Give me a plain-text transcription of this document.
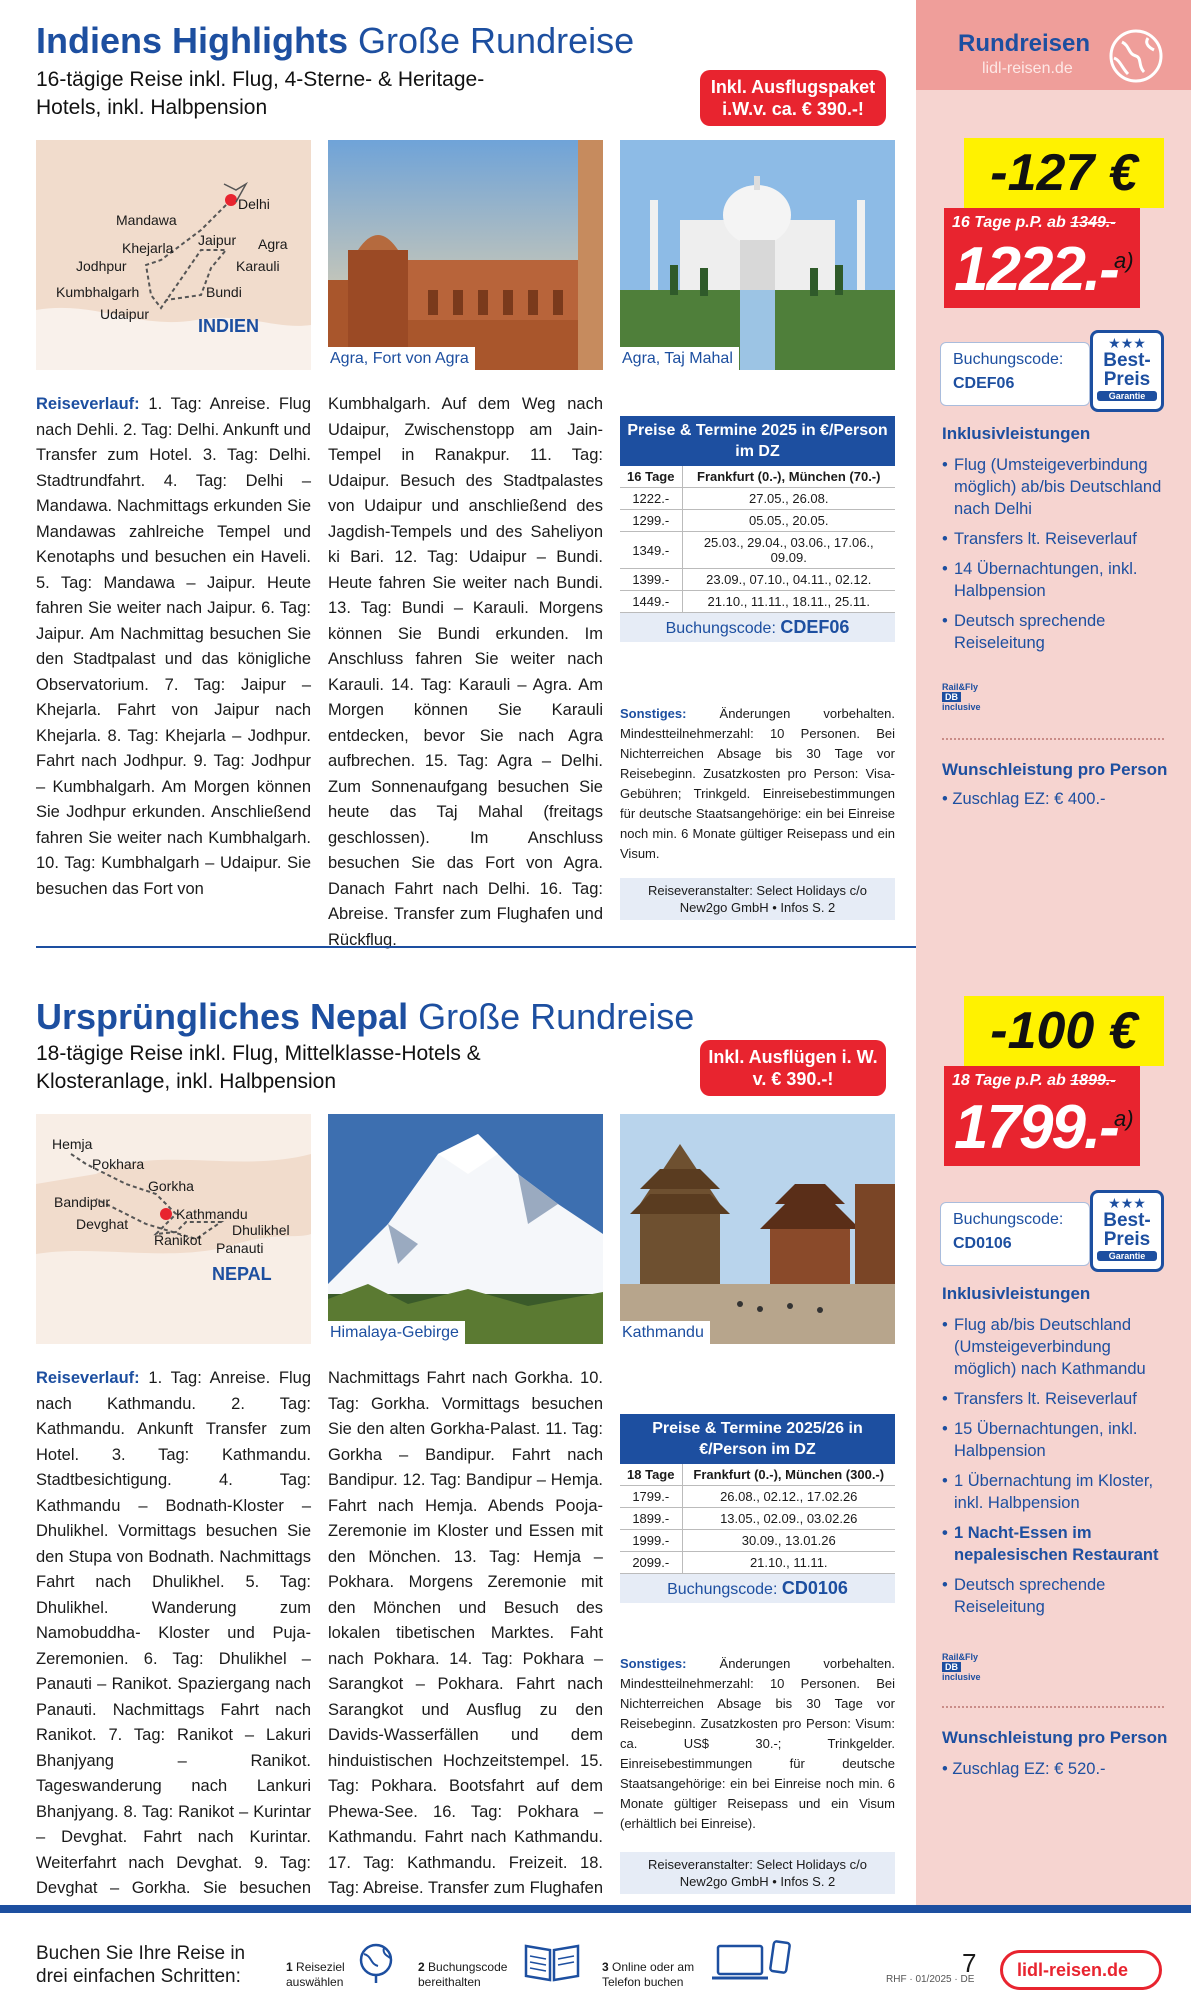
Rundreisen
lidl-reisen.de
Indiens Highlights Große Rundreise
16-tägige Reise inkl. Flug, 4-Sterne- & Heritage-Hotels, inkl. Halbpension
Inkl. Ausflugspaket i.W.v. ca. € 390.-!
Mandawa
Delhi
Jaipur Agra
Khejarla
Jodhpur	Karauli
Kumbhalgarh	Bundi
Udaipur
INDIEN
Agra, Fort von Agra	Agra, Taj Mahal
Reiseverlauf: 1. Tag: Anreise. Flug nach Dehli. 2. Tag: Delhi. Ankunft und Transfer zum Hotel. 3. Tag: Delhi. Stadtrundfahrt. 4. Tag: Delhi – Mandawa. Nachmittags erkunden Sie Mandawas zahlreiche Tempel und Kenotaphs und besuchen ein Haveli. 5. Tag: Mandawa – Jaipur. Heute fahren Sie weiter nach Jaipur. 6. Tag: Jaipur. Am Nachmittag besuchen Sie den Stadtpalast und das königliche Observatorium. 7. Tag: Jaipur – Khejarla. Fahrt von Jaipur nach Khejarla. 8. Tag: Khejarla – Jodhpur. Fahrt nach Jodhpur. 9. Tag: Jodhpur – Kumbhalgarh. Am Morgen können Sie Jodhpur erkunden. Anschließend fahren Sie weiter nach Kumbhalgarh. 10. Tag: Kumbhalgarh – Udaipur. Sie besuchen das Fort von
Kumbhalgarh. Auf dem Weg nach Udaipur, Zwischenstopp am Jain-Tempel in Ranakpur. 11. Tag: Udaipur. Besuch des Stadtpalastes von Udaipur und anschließend des Jagdish-Tempels und des Saheliyon ki Bari. 12. Tag: Udaipur – Bundi. Heute fahren Sie weiter nach Bundi. 13. Tag: Bundi – Karauli. Morgens können Sie Bundi erkunden. Im Anschluss fahren Sie weiter nach Karauli. 14. Tag: Karauli – Agra. Am Morgen können Sie Karauli entdecken, bevor Sie nach Agra aufbrechen. 15. Tag: Agra – Delhi. Zum Sonnenaufgang besuchen Sie heute das Taj Mahal (freitags geschlossen). Im Anschluss besuchen Sie das Fort von Agra. Danach Fahrt nach Delhi. 16. Tag: Abreise. Transfer zum Flughafen und Rückflug.
Preise & Termine 2025 in €/Person im DZ
16 Tage	Frankfurt (0.-), München (70.-)
1222.-	27.05., 26.08.
1299.-	05.05., 20.05.
1349.-	25.03., 29.04., 03.06., 17.06., 09.09.
1399.-	23.09., 07.10., 04.11., 02.12.
1449.-	21.10., 11.11., 18.11., 25.11.
Buchungscode: CDEF06
Sonstiges:	Änderungen vorbehalten. Mindestteilnehmerzahl: 10 Personen. Bei Nichterreichen Absage bis 30 Tage vor Reisebeginn. Zusatzkosten pro Person: Visa-Gebühren; Trinkgeld. Einreisebestimmungen für deutsche Staatsangehörige: ein bei Einreise noch min. 6 Monate gültiger Reisepass und ein Visum.
Reiseveranstalter: Select Holidays c/o New2go GmbH • Infos S. 2
-127 €
16 Tage p.P. ab 1349.-
1222.-
a)
Buchungscode:
CDEF06
★★★
Best-Preis
Garantie
Inklusivleistungen
• Flug (Umsteigeverbindung möglich) ab/bis Deutschland nach Delhi
• Transfers lt. Reiseverlauf
• 14 Übernachtungen, inkl. Halbpension
• Deutsch sprechende Reiseleitung
Rail&Fly
DB
inclusive
Wunschleistung pro Person
• Zuschlag EZ: € 400.-
Ursprüngliches Nepal Große Rundreise
18-tägige Reise inkl. Flug, Mittelklasse-Hotels & Klosteranlage, inkl. Halbpension
Inkl. Ausflügen i. W. v. € 390.-!
Hemja
Pokhara
Gorkha
Bandipur
Kathmandu
Devghat	Dhulikhel
Ranikot Panauti
NEPAL
Himalaya-Gebirge	Kathmandu
Reiseverlauf: 1. Tag: Anreise. Flug nach Kathmandu. 2. Tag: Kathmandu. Ankunft Transfer zum Hotel. 3. Tag: Kathmandu. Stadtbesichtigung. 4. Tag: Kathmandu – Bodnath-Kloster – Dhulikhel. Vormittags besuchen Sie den Stupa von Bodnath. Nachmittags Fahrt nach Dhulikhel. 5. Tag: Dhulikhel. Wanderung zum Namobuddha- Kloster und Puja-Zeremonien. 6. Tag: Dhulikhel – Panauti – Ranikot. Spaziergang nach Panauti. Nachmittags Fahrt nach Ranikot. 7. Tag: Ranikot – Lakuri Bhanjyang – Ranikot. Tageswanderung nach Lankuri Bhanjyang. 8. Tag: Ranikot – Kurintar – Devghat. Fahrt nach Kurintar. Weiterfahrt nach Devghat. 9. Tag: Devghat – Gorkha. Sie besuchen
Nachmittags Fahrt nach Gorkha. 10. Tag: Gorkha. Vormittags besuchen Sie den alten Gorkha-Palast. 11. Tag: Gorkha – Bandipur. Fahrt nach Bandipur. 12. Tag: Bandipur – Hemja. Fahrt nach Hemja. Abends Pooja-Zeremonie im Kloster und Essen mit den Mönchen. 13. Tag: Hemja – Pokhara. Morgens Zeremonie mit den Mönchen und Besuch des lokalen tibetischen Marktes. Faht nach Pokhara. 14. Tag: Pokhara – Sarangkot – Pokhara. Fahrt nach Sarangkot und Ausflug zu den Davids-Wasserfällen und dem hinduistischen Hochzeitstempel. 15. Tag: Pokhara. Bootsfahrt auf dem Phewa-See. 16. Tag: Pokhara – Kathmandu. Fahrt nach Kathmandu. 17. Tag: Kathmandu. Freizeit. 18. Tag: Abreise. Transfer zum Flughafen
Preise & Termine 2025/26 in €/Person im DZ
18 Tage	Frankfurt (0.-), München (300.-)
1799.-	26.08., 02.12., 17.02.26
1899.-	13.05., 02.09., 03.02.26
1999.-	30.09., 13.01.26
2099.-	21.10., 11.11.
Buchungscode: CD0106
Sonstiges:	Änderungen vorbehalten. Mindestteilnehmerzahl: 10 Personen. Bei Nichterreichen Absage bis 30 Tage vor Reisebeginn. Zusatzkosten pro Person: Visum: ca. US$ 30.-; Trinkgelder. Einreisebestimmungen für deutsche Staatsangehörige: ein bei Einreise noch min. 6 Monate gültiger Reisepass und ein Visum (erhältlich bei Einreise).
Reiseveranstalter: Select Holidays c/o New2go GmbH • Infos S. 2
-100 €
18 Tage p.P. ab 1899.-
1799.-
a)
Buchungscode:
CD0106
★★★
Best-Preis
Garantie
Inklusivleistungen
• Flug ab/bis Deutschland (Umsteigeverbindung möglich) nach Kathmandu
• Transfers lt. Reiseverlauf
• 15 Übernachtungen, inkl. Halbpension
• 1 Übernachtung im Kloster, inkl. Halbpension
• 1 Nacht-Essen im nepalesischen Restaurant
• Deutsch sprechende Reiseleitung
Rail&Fly
DB
inclusive
Wunschleistung pro Person
• Zuschlag EZ: € 520.-
Buchen Sie Ihre Reise in drei einfachen Schritten:	1 Reiseziel auswählen
2 Buchungscode bereithalten
3 Online oder am Telefon buchen	RHF · 01/2025 · DE
7	lidl-reisen.de
